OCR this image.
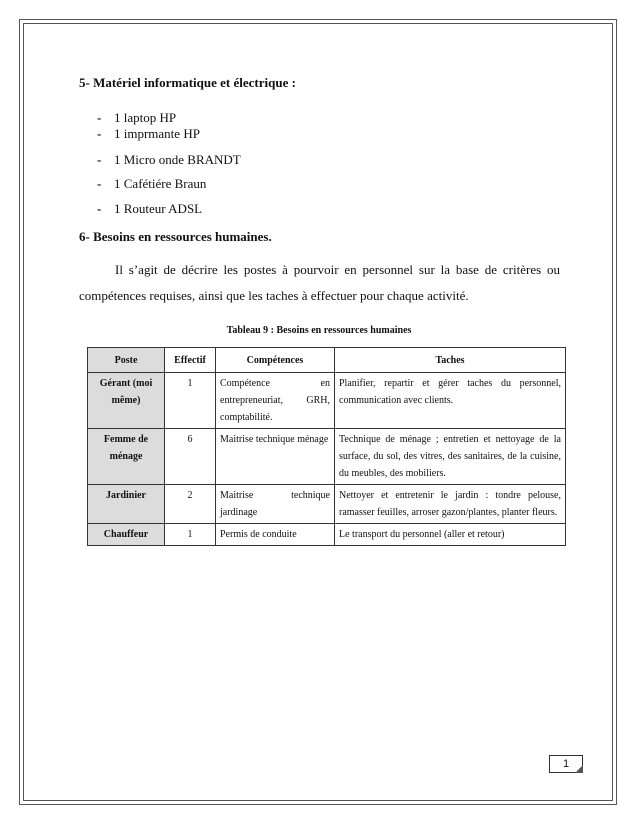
5- Matériel informatique et électrique :

- 1 laptop HP
- 1 imprmante HP
- 1 Micro onde BRANDT
- 1 Cafétiére Braun
- 1 Routeur ADSL

6- Besoins en ressources humaines.

Il s’agit de décrire les postes à pourvoir en personnel sur la base de critères ou
compétences requises, ainsi que les taches à effectuer pour chaque activité.
Tableau 9 : Besoins en ressources humaines
Poste	Effectif	Compétences	Taches
Gérant (moi même)	1	Compétence en entrepreneuriat, GRH, comptabilité.	Planifier, repartir et gérer taches du personnel, communication avec clients.
Femme de ménage	6	Maitrise technique ménage	Technique de ménage ; entretien et nettoyage de la surface, du sol, des vitres, des sanitaires, de la cuisine, du meubles, des mobiliers.
Jardinier	2	Maitrise technique jardinage	Nettoyer et entretenir le jardin : tondre pelouse, ramasser feuilles, arroser gazon/plantes, planter fleurs.
Chauffeur	1	Permis de conduite	Le transport du personnel (aller et retour)
1
